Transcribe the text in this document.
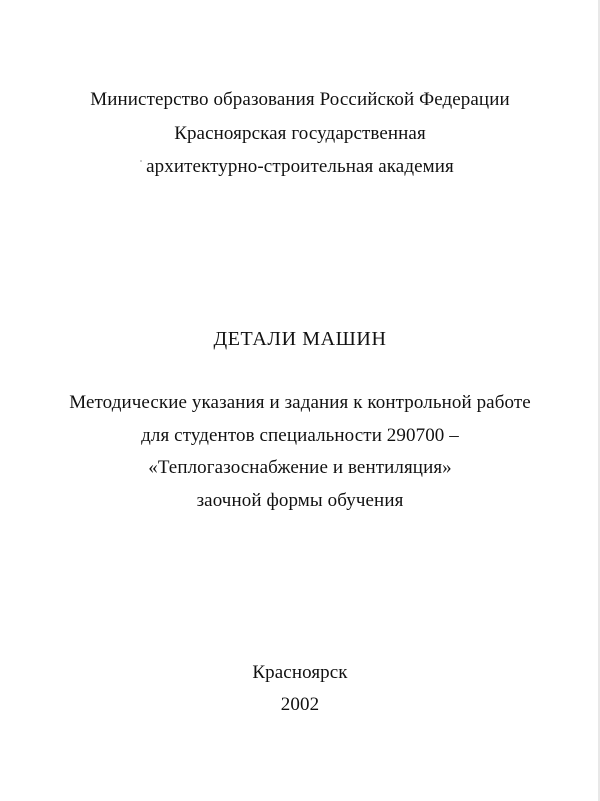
Министерство образования Российской Федерации
Красноярская государственная
архитектурно-строительная академия
ДЕТАЛИ МАШИН
Методические указания и задания к контрольной работе
для студентов специальности 290700 –
«Теплогазоснабжение и вентиляция»
заочной формы обучения
Красноярск
2002
